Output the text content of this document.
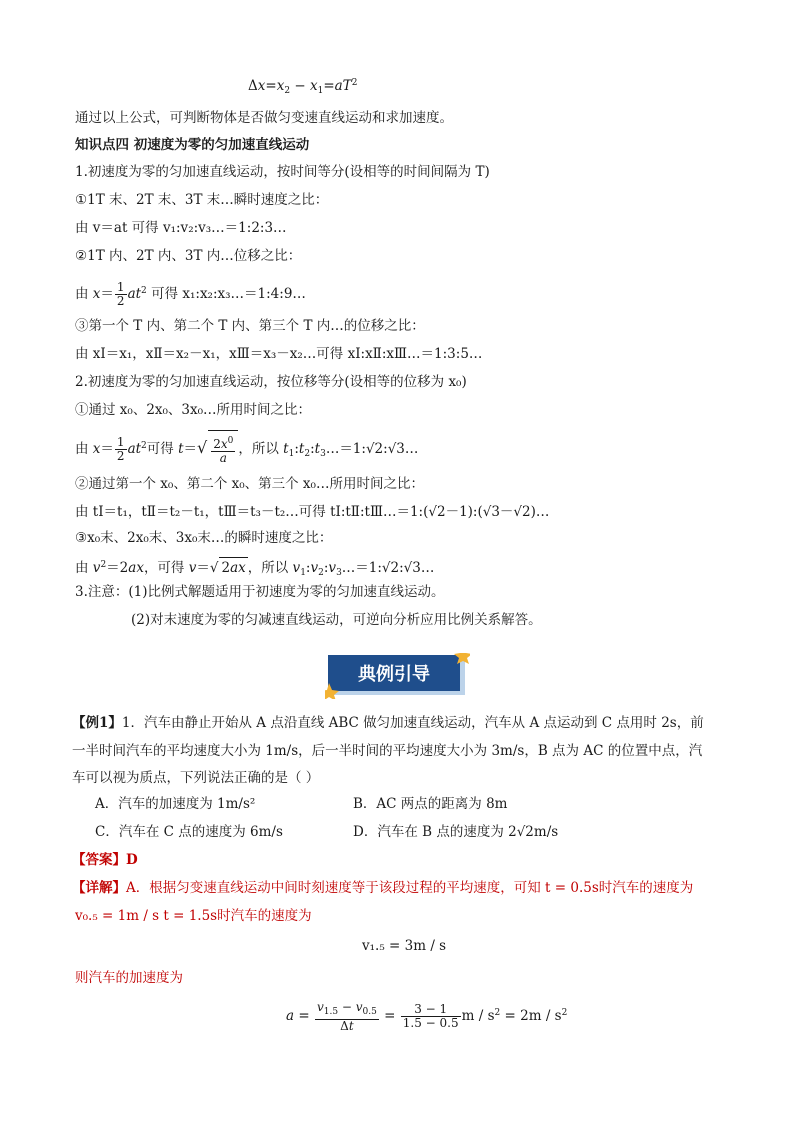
$\Delta x=x_2 - x_1=aT^2$
通过以上公式，可判断物体是否做匀变速直线运动和求加速度。
知识点四 初速度为零的匀加速直线运动
1.初速度为零的匀加速直线运动，按时间等分(设相等的时间间隔为 T)
①1T 末、2T 末、3T 末…瞬时速度之比：
由 v＝at 可得 v₁:v₂:v₃…＝1:2:3…
②1T 内、2T 内、3T 内…位移之比：
由 $x= \frac{1}{2} at^2$ 可得 x₁:x₂:x₃…＝1:4:9…
③第一个 T 内、第二个 T 内、第三个 T 内…的位移之比：
由 xⅠ＝x₁，xⅡ＝x₂－x₁，xⅢ＝x₃－x₂…可得 xⅠ:xⅡ:xⅢ…＝1:3:5…
2.初速度为零的匀加速直线运动，按位移等分(设相等的位移为 x₀)
①通过 x₀、2x₀、3x₀…所用时间之比：
由 $x= \frac{1}{2} at^2$可得 $t=√ \frac{2x^0}{a}$ ，所以 $t_1:t_2:t_3\dots=1:√2:√3\dots$
②通过第一个 x₀、第二个 x₀、第三个 x₀…所用时间之比：
由 tⅠ＝t₁，tⅡ＝t₂－t₁，tⅢ＝t₃－t₂…可得 tⅠ:tⅡ:tⅢ…＝1:(√2－1):(√3－√2)…
③x₀末、2x₀末、3x₀末…的瞬时速度之比：
由 $v^2=2ax$，可得 v＝√ 2ax ，所以 $v_1:v_2:v_3\dots=1:√2:√3\dots$
3.注意：(1)比例式解题适用于初速度为零的匀加速直线运动。
(2)对末速度为零的匀减速直线运动，可逆向分析应用比例关系解答。
典例引导
【例1】1．汽车由静止开始从 A 点沿直线 ABC 做匀加速直线运动，汽车从 A 点运动到 C 点用时 2s，前
一半时间汽车的平均速度大小为 1m/s，后一半时间的平均速度大小为 3m/s，B 点为 AC 的位置中点，汽
车可以视为质点，下列说法正确的是（ ）
A．汽车的加速度为 1m/s²	B．AC 两点的距离为 8m
C．汽车在 C 点的速度为 6m/s	D．汽车在 B 点的速度为 2√2m/s
【答案】D
【详解】A．根据匀变速直线运动中间时刻速度等于该段过程的平均速度，可知 t = 0.5s时汽车的速度为
v₀.₅ = 1m / s t = 1.5s时汽车的速度为
v₁.₅ = 3m / s
则汽车的加速度为
$a = \frac{v_{1.5} - v_{0.5}}{\Delta t} = \frac{3 - 1}{1.5 - 0.5}$ $m / s^2 = 2m / s^2$
